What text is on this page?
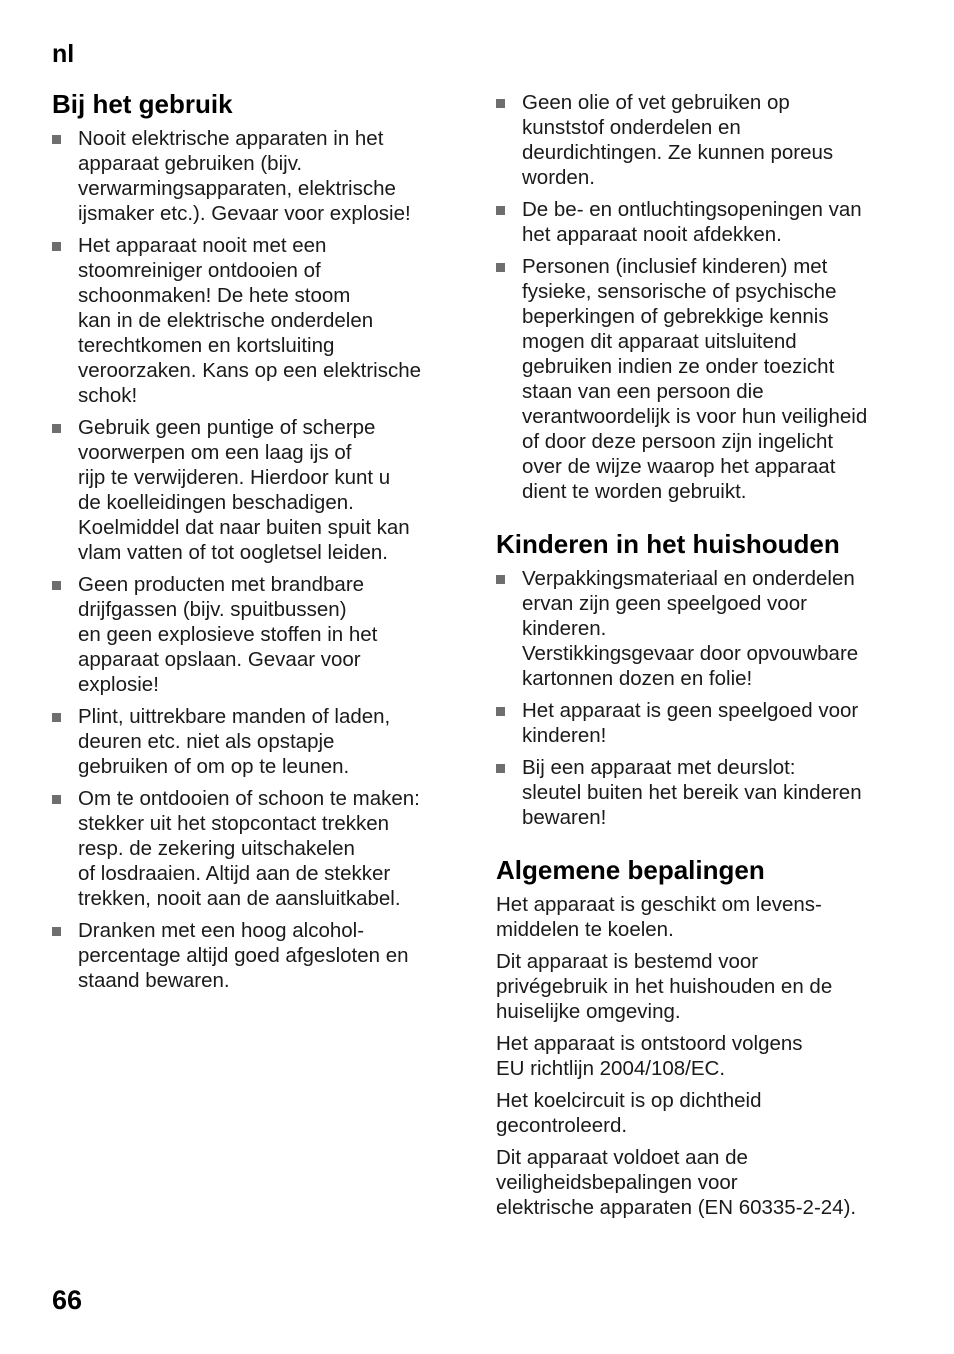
nl
Bij het gebruik
Nooit elektrische apparaten in het
apparaat gebruiken (bijv.
verwarmingsapparaten, elektrische
ijsmaker etc.). Gevaar voor explosie!
Het apparaat nooit met een
stoomreiniger ontdooien of
schoonmaken! De hete stoom
kan in de elektrische onderdelen
terechtkomen en kortsluiting
veroorzaken. Kans op een elektrische
schok!
Gebruik geen puntige of scherpe
voorwerpen om een laag ijs of
rijp te verwijderen. Hierdoor kunt u
de koelleidingen beschadigen.
Koelmiddel dat naar buiten spuit kan
vlam vatten of tot oogletsel leiden.
Geen producten met brandbare
drijfgassen (bijv. spuitbussen)
en geen explosieve stoffen in het
apparaat opslaan. Gevaar voor
explosie!
Plint, uittrekbare manden of laden,
deuren etc. niet als opstapje
gebruiken of om op te leunen.
Om te ontdooien of schoon te maken:
stekker uit het stopcontact trekken
resp. de zekering uitschakelen
of losdraaien. Altijd aan de stekker
trekken, nooit aan de aansluitkabel.
Dranken met een hoog alcohol-
percentage altijd goed afgesloten en
staand bewaren.
Geen olie of vet gebruiken op
kunststof onderdelen en
deurdichtingen. Ze kunnen poreus
worden.
De be- en ontluchtingsopeningen van
het apparaat nooit afdekken.
Personen (inclusief kinderen) met
fysieke, sensorische of psychische
beperkingen of gebrekkige kennis
mogen dit apparaat uitsluitend
gebruiken indien ze onder toezicht
staan van een persoon die
verantwoordelijk is voor hun veiligheid
of door deze persoon zijn ingelicht
over de wijze waarop het apparaat
dient te worden gebruikt.
Kinderen in het huishouden
Verpakkingsmateriaal en onderdelen
ervan zijn geen speelgoed voor
kinderen.
Verstikkingsgevaar door opvouwbare
kartonnen dozen en folie!
Het apparaat is geen speelgoed voor
kinderen!
Bij een apparaat met deurslot:
sleutel buiten het bereik van kinderen
bewaren!
Algemene bepalingen

Het apparaat is geschikt om levens-
middelen te koelen.

Dit apparaat is bestemd voor
privégebruik in het huishouden en de
huiselijke omgeving.

Het apparaat is ontstoord volgens
EU richtlijn 2004/108/EC.

Het koelcircuit is op dichtheid
gecontroleerd.

Dit apparaat voldoet aan de
veiligheidsbepalingen voor
elektrische apparaten (EN 60335-2-24).

66
